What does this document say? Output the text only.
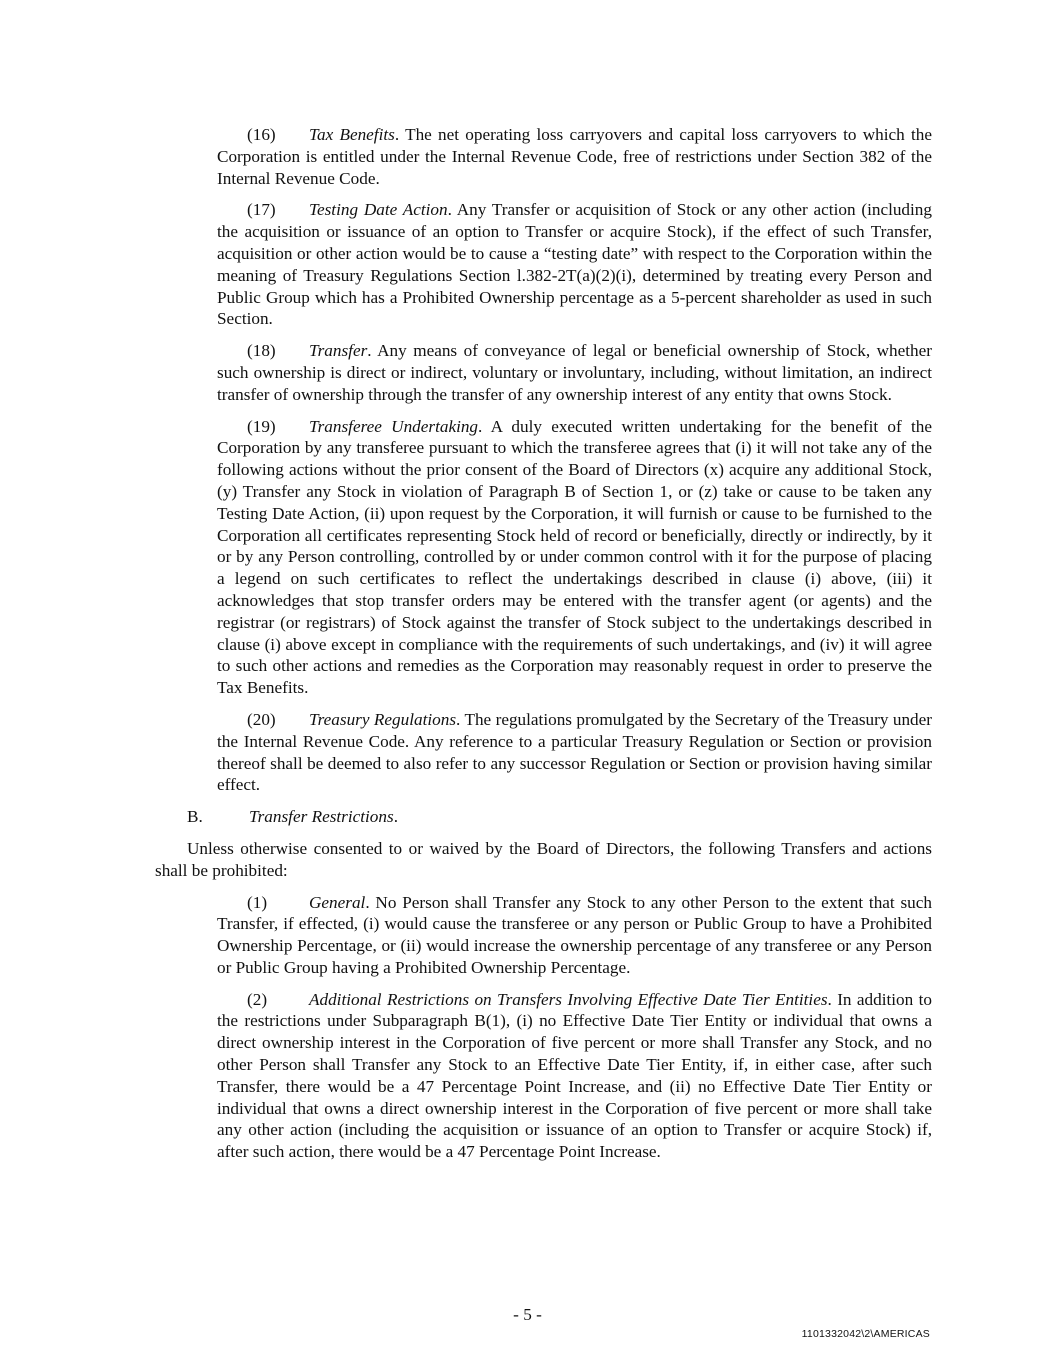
(16) Tax Benefits. The net operating loss carryovers and capital loss carryovers to which the Corporation is entitled under the Internal Revenue Code, free of restrictions under Section 382 of the Internal Revenue Code.

(17) Testing Date Action. Any Transfer or acquisition of Stock or any other action (including the acquisition or issuance of an option to Transfer or acquire Stock), if the effect of such Transfer, acquisition or other action would be to cause a “testing date” with respect to the Corporation within the meaning of Treasury Regulations Section l.382-2T(a)(2)(i), determined by treating every Person and Public Group which has a Prohibited Ownership percentage as a 5-percent shareholder as used in such Section.

(18) Transfer. Any means of conveyance of legal or beneficial ownership of Stock, whether such ownership is direct or indirect, voluntary or involuntary, including, without limitation, an indirect transfer of ownership through the transfer of any ownership interest of any entity that owns Stock.

(19) Transferee Undertaking. A duly executed written undertaking for the benefit of the Corporation by any transferee pursuant to which the transferee agrees that (i) it will not take any of the following actions without the prior consent of the Board of Directors (x) acquire any additional Stock, (y) Transfer any Stock in violation of Paragraph B of Section 1, or (z) take or cause to be taken any Testing Date Action, (ii) upon request by the Corporation, it will furnish or cause to be furnished to the Corporation all certificates representing Stock held of record or beneficially, directly or indirectly, by it or by any Person controlling, controlled by or under common control with it for the purpose of placing a legend on such certificates to reflect the undertakings described in clause (i) above, (iii) it acknowledges that stop transfer orders may be entered with the transfer agent (or agents) and the registrar (or registrars) of Stock against the transfer of Stock subject to the undertakings described in clause (i) above except in compliance with the requirements of such undertakings, and (iv) it will agree to such other actions and remedies as the Corporation may reasonably request in order to preserve the Tax Benefits.

(20) Treasury Regulations. The regulations promulgated by the Secretary of the Treasury under the Internal Revenue Code. Any reference to a particular Treasury Regulation or Section or provision thereof shall be deemed to also refer to any successor Regulation or Section or provision having similar effect.

B.	Transfer Restrictions.

Unless otherwise consented to or waived by the Board of Directors, the following Transfers and actions shall be prohibited:

(1) General. No Person shall Transfer any Stock to any other Person to the extent that such Transfer, if effected, (i) would cause the transferee or any person or Public Group to have a Prohibited Ownership Percentage, or (ii) would increase the ownership percentage of any transferee or any Person or Public Group having a Prohibited Ownership Percentage.

(2) Additional Restrictions on Transfers Involving Effective Date Tier Entities. In addition to the restrictions under Subparagraph B(1), (i) no Effective Date Tier Entity or individual that owns a direct ownership interest in the Corporation of five percent or more shall Transfer any Stock, and no other Person shall Transfer any Stock to an Effective Date Tier Entity, if, in either case, after such Transfer, there would be a 47 Percentage Point Increase, and (ii) no Effective Date Tier Entity or individual that owns a direct ownership interest in the Corporation of five percent or more shall take any other action (including the acquisition or issuance of an option to Transfer or acquire Stock) if, after such action, there would be a 47 Percentage Point Increase.

- 5 -
1101332042\2\AMERICAS
